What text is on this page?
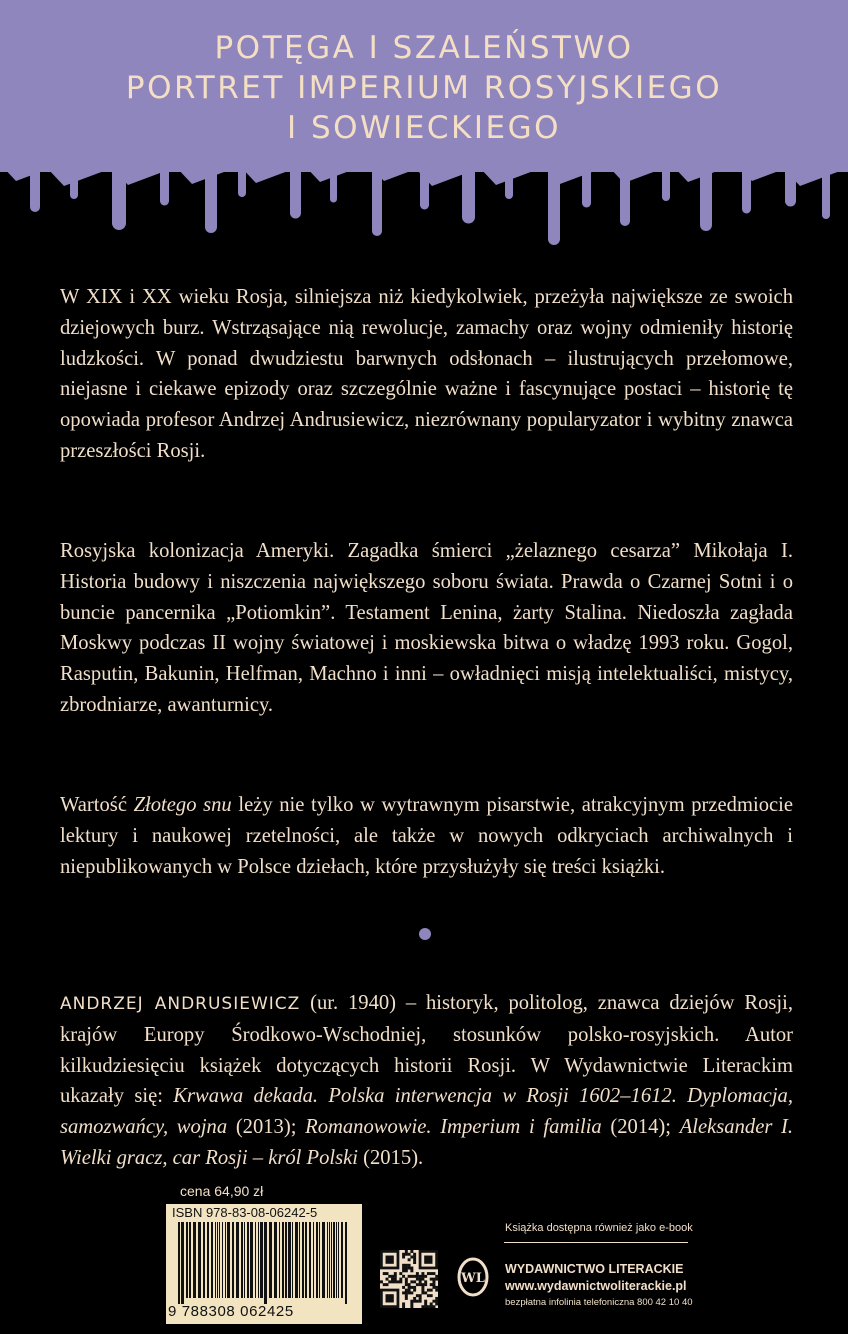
POTĘGA I SZALEŃSTWO
PORTRET IMPERIUM ROSYJSKIEGO
I SOWIECKIEGO

W XIX i XX wieku Rosja, silniejsza niż kiedykolwiek, przeżyła największe ze swoich dziejowych burz. Wstrząsające nią rewolucje, zamachy oraz wojny odmieniły historię ludzkości. W ponad dwudziestu barwnych odsłonach – ilustrujących przełomowe, niejasne i ciekawe epizody oraz szczególnie ważne i fascynujące postaci – historię tę opowiada profesor Andrzej Andrusiewicz, niezrównany popularyzator i wybitny znawca przeszłości Rosji.

Rosyjska kolonizacja Ameryki. Zagadka śmierci „żelaznego cesarza” Mikołaja I. Historia budowy i niszczenia największego soboru świata. Prawda o Czarnej Sotni i o buncie pancernika „Potiomkin”. Testament Lenina, żarty Stalina. Niedoszła zagłada Moskwy podczas II wojny światowej i moskiewska bitwa o władzę 1993 roku. Gogol, Rasputin, Bakunin, Helfman, Machno i inni – owładnięci misją intelektualiści, mistycy, zbrodniarze, awanturnicy.

Wartość Złotego snu leży nie tylko w wytrawnym pisarstwie, atrakcyjnym przedmiocie lektury i naukowej rzetelności, ale także w nowych odkryciach archiwalnych i niepublikowanych w Polsce dziełach, które przysłużyły się treści książki.

ANDRZEJ ANDRUSIEWICZ (ur. 1940) – historyk, politolog, znawca dziejów Rosji, krajów Europy Środkowo-Wschodniej, stosunków polsko-rosyjskich. Autor kilkudziesięciu książek dotyczących historii Rosji. W Wydawnictwie Literackim ukazały się: Krwawa dekada. Polska interwencja w Rosji 1602–1612. Dyplomacja, samozwańcy, wojna (2013); Romanowowie. Imperium i familia (2014); Aleksander I. Wielki gracz, car Rosji – król Polski (2015).

cena 64,90 zł
ISBN 978-83-08-06242-5
9 788308 062425
WL
Książka dostępna również jako e-book
WYDAWNICTWO LITERACKIE
www.wydawnictwoliterackie.pl
bezpłatna infolinia telefoniczna 800 42 10 40
